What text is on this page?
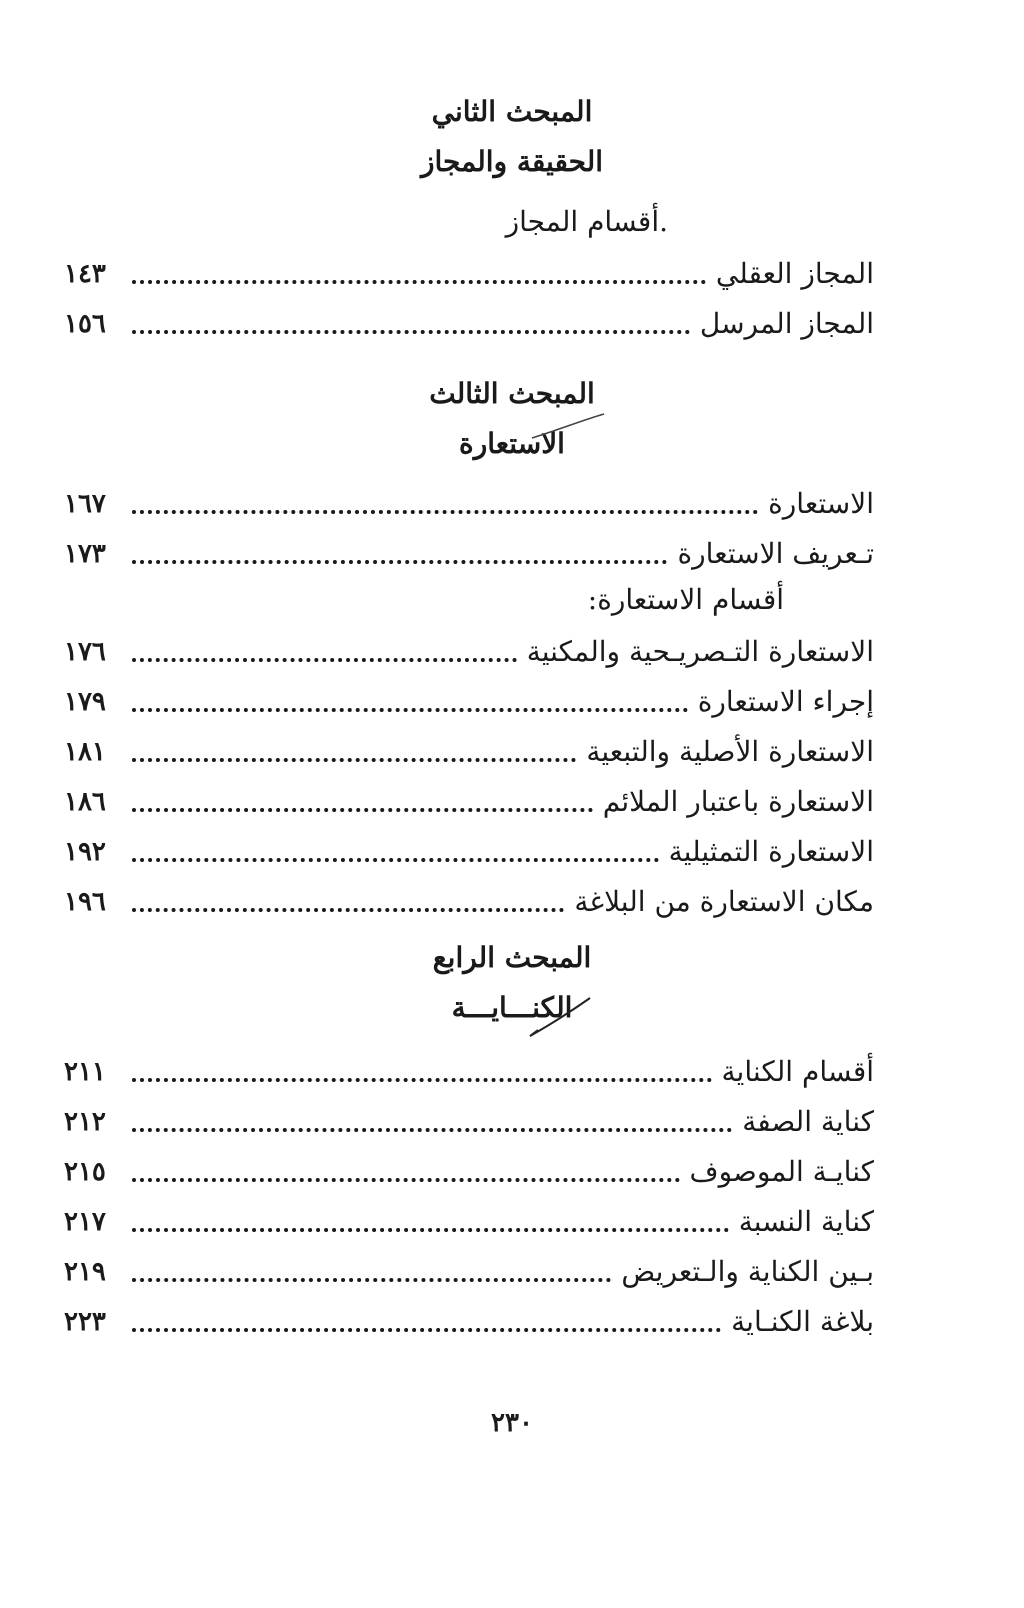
المبحث الثاني
الحقيقة والمجاز
.أقسام المجاز
المجاز العقلي
١٤٣
المجاز المرسل
١٥٦
المبحث الثالث
الاستعارة
الاستعارة
١٦٧
تـعريف الاستعارة
١٧٣
أقسام الاستعارة:
الاستعارة التـصريـحية والمكنية
١٧٦
إجراء الاستعارة
١٧٩
الاستعارة الأصلية والتبعية
١٨١
الاستعارة باعتبار الملائم
١٨٦
الاستعارة التمثيلية
١٩٢
مكان الاستعارة من البلاغة
١٩٦
المبحث الرابع
الكنـــايـــة
أقسام الكناية
٢١١
كناية الصفة
٢١٢
كنايـة الموصوف
٢١٥
كناية النسبة
٢١٧
بـين الكناية والـتعريض
٢١٩
بلاغة الكنـاية
٢٢٣
٢٣٠
